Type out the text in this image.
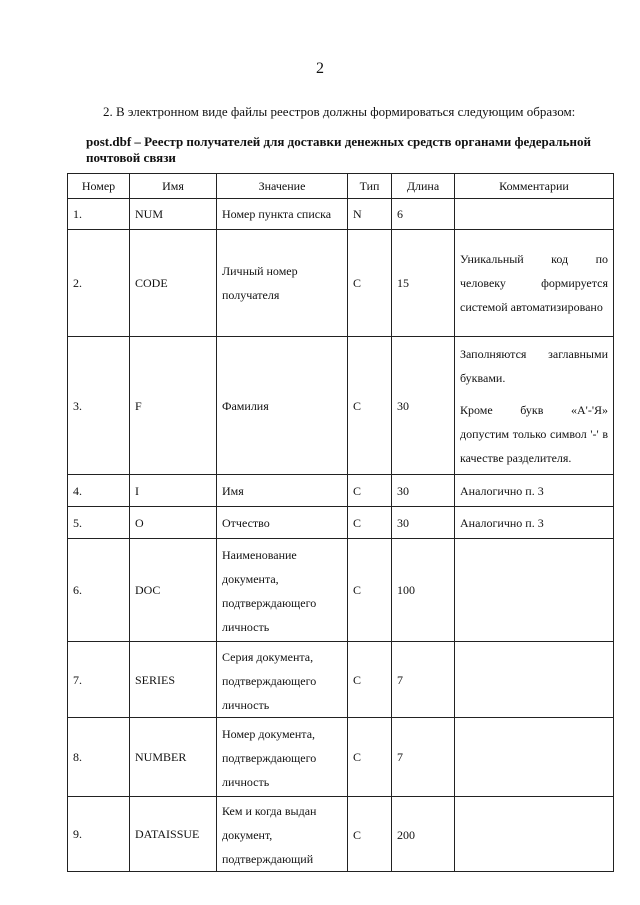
2
2. В электронном виде файлы реестров должны формироваться следующим образом:
post.dbf – Реестр получателей для доставки денежных средств органами федеральной почтовой связи
Номер	Имя	Значение	Тип	Длина	Комментарии
1.	NUM	Номер пункта списка	N	6	

2.	CODE	Личный номер получателя	C	15	Уникальный код по человеку формируется системой автоматизировано

3.	F	Фамилия	C	30	Заполняются заглавными буквами.
Кроме букв «А'-'Я» допустим только символ '-' в качестве разделителя.

4.	I	Имя	C	30	Аналогично п. 3

5.	O	Отчество	C	30	Аналогично п. 3

6.	DOC	Наименование документа, подтверждающего личность	C	100	
7.	SERIES	Серия документа, подтверждающего личность	C	7	
8.	NUMBER	Номер документа, подтверждающего личность	C	7	
9.	DATAISSUE	Кем и когда выдан документ, подтверждающий	C	200	
